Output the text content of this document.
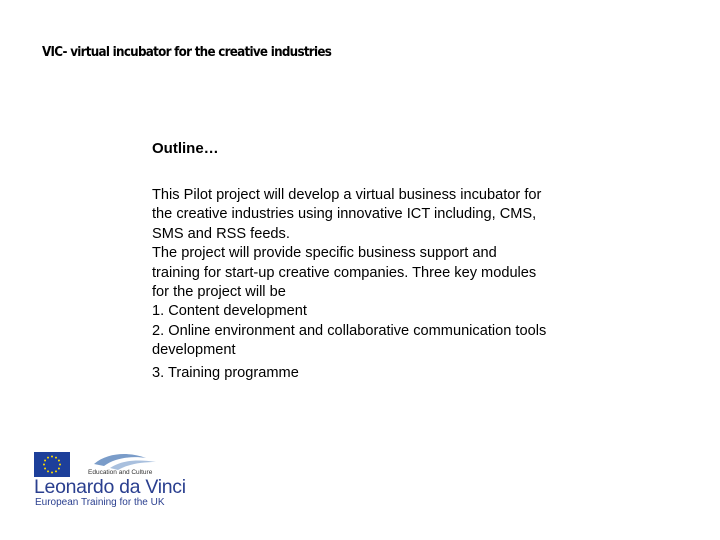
VIC- virtual incubator for the creative industries
Outline…
This Pilot project will develop a virtual business incubator for
the creative industries using innovative ICT including, CMS,
SMS and RSS feeds.
The project will provide specific business support and
training for start-up creative companies. Three key modules
for the project will be
1. Content development
2. Online environment and collaborative communication tools
development
3. Training programme
Education and Culture
Leonardo da Vinci
European Training for the UK
